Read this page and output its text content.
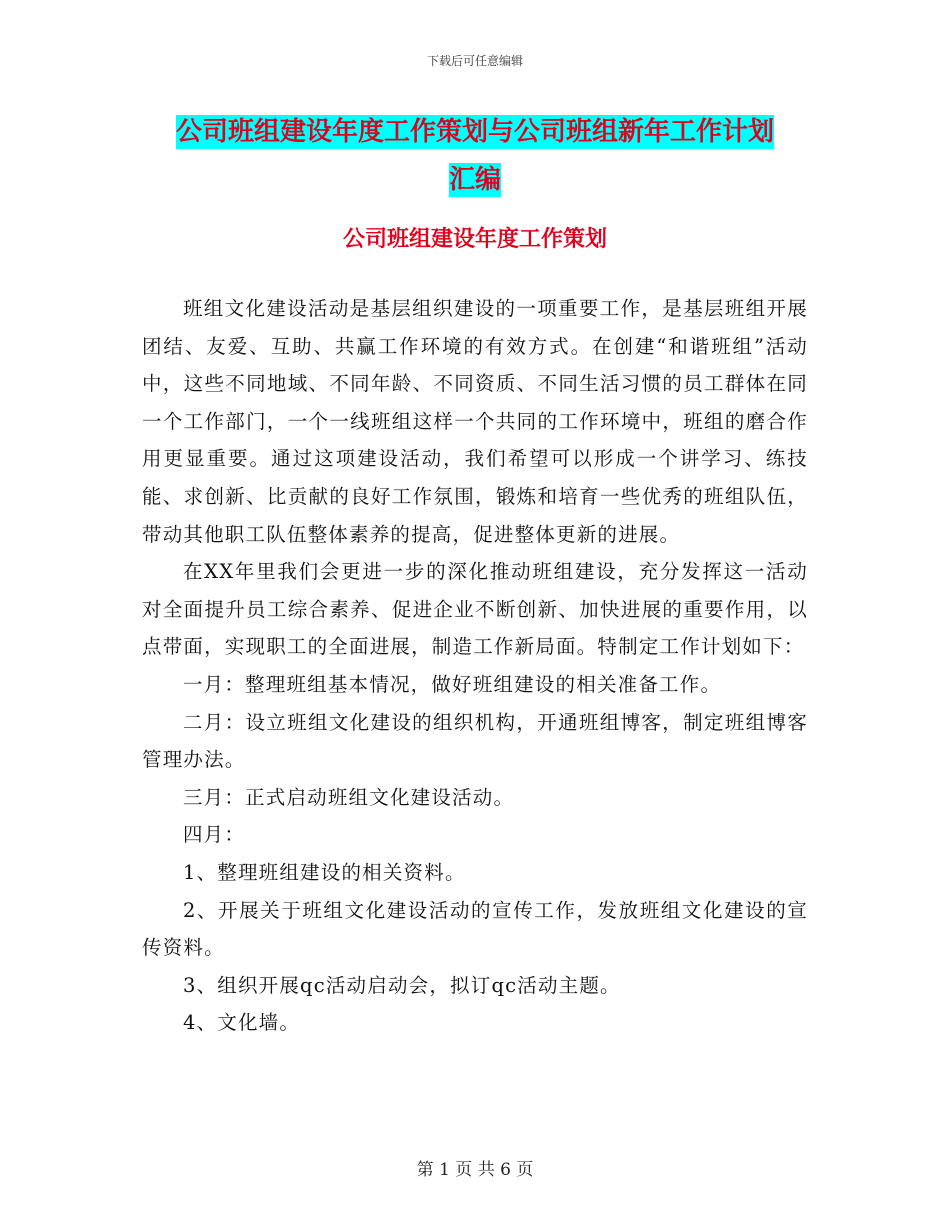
下载后可任意编辑
公司班组建设年度工作策划与公司班组新年工作计划
汇编
公司班组建设年度工作策划

班组文化建设活动是基层组织建设的一项重要工作，是基层班组开展团结、友爱、互助、共赢工作环境的有效方式。在创建“和谐班组”活动中，这些不同地域、不同年龄、不同资质、不同生活习惯的员工群体在同一个工作部门，一个一线班组这样一个共同的工作环境中，班组的磨合作用更显重要。通过这项建设活动，我们希望可以形成一个讲学习、练技能、求创新、比贡献的良好工作氛围，锻炼和培育一些优秀的班组队伍，带动其他职工队伍整体素养的提高，促进整体更新的进展。

在XX年里我们会更进一步的深化推动班组建设，充分发挥这一活动对全面提升员工综合素养、促进企业不断创新、加快进展的重要作用，以点带面，实现职工的全面进展，制造工作新局面。特制定工作计划如下：

一月：整理班组基本情况，做好班组建设的相关准备工作。

二月：设立班组文化建设的组织机构，开通班组博客，制定班组博客管理办法。

三月：正式启动班组文化建设活动。

四月：

1、整理班组建设的相关资料。

2、开展关于班组文化建设活动的宣传工作，发放班组文化建设的宣传资料。

3、组织开展qc活动启动会，拟订qc活动主题。

4、文化墙。

第 1 页 共 6 页
